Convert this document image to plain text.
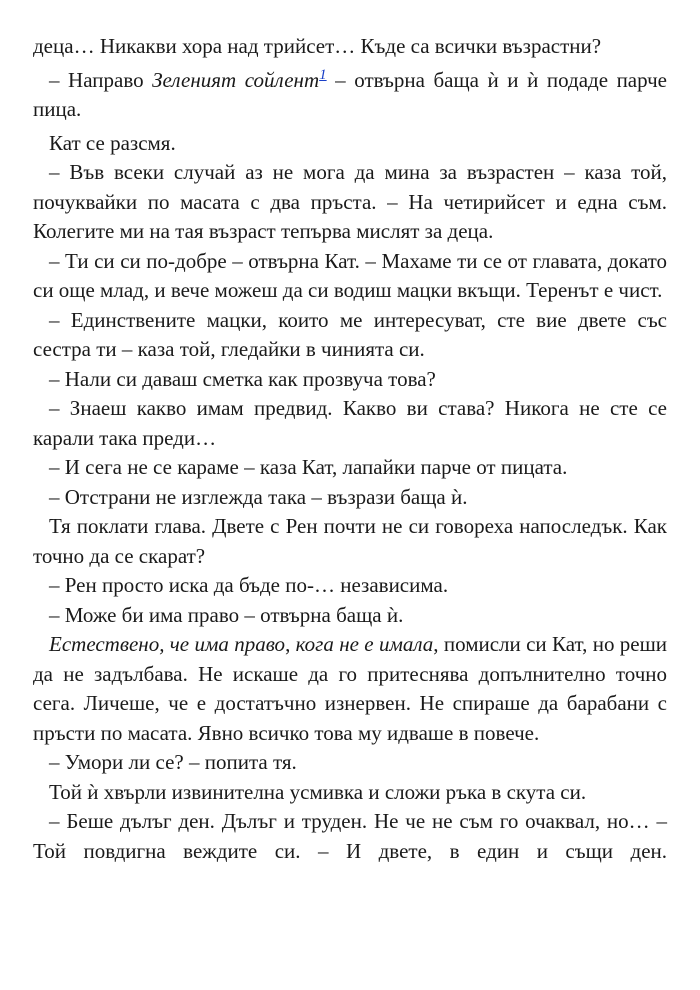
деца… Никакви хора над трийсет… Къде са всички възрастни?

– Направо Зеленият сойлент$^1$ – отвърна баща ѝ и ѝ подаде парче пица.

Кат се разсмя.

– Във всеки случай аз не мога да мина за възрастен – каза той, почуквайки по масата с два пръста. – На четирийсет и една съм. Колегите ми на тая възраст тепърва мислят за деца.

– Ти си си по-добре – отвърна Кат. – Махаме ти се от главата, докато си още млад, и вече можеш да си водиш мацки вкъщи. Теренът е чист.

– Единствените мацки, които ме интересуват, сте вие двете със сестра ти – каза той, гледайки в чинията си.

– Нали си даваш сметка как прозвуча това?

– Знаеш какво имам предвид. Какво ви става? Никога не сте се карали така преди…

– И сега не се караме – каза Кат, лапайки парче от пицата.

– Отстрани не изглежда така – възрази баща ѝ.

Тя поклати глава. Двете с Рен почти не си говореха напоследък. Как точно да се скарат?

– Рен просто иска да бъде по-… независима.

– Може би има право – отвърна баща ѝ.

Естествено, че има право, кога не е имала, помисли си Кат, но реши да не задълбава. Не искаше да го притеснява допълнително точно сега. Личеше, че е достатъчно изнервен. Не спираше да барабани с пръсти по масата. Явно всичко това му идваше в повече.

– Умори ли се? – попита тя.

Той ѝ хвърли извинителна усмивка и сложи ръка в скута си.

– Беше дълъг ден. Дълъг и труден. Не че не съм го очаквал, но… – Той повдигна веждите си. – И двете, в един и същи ден.
